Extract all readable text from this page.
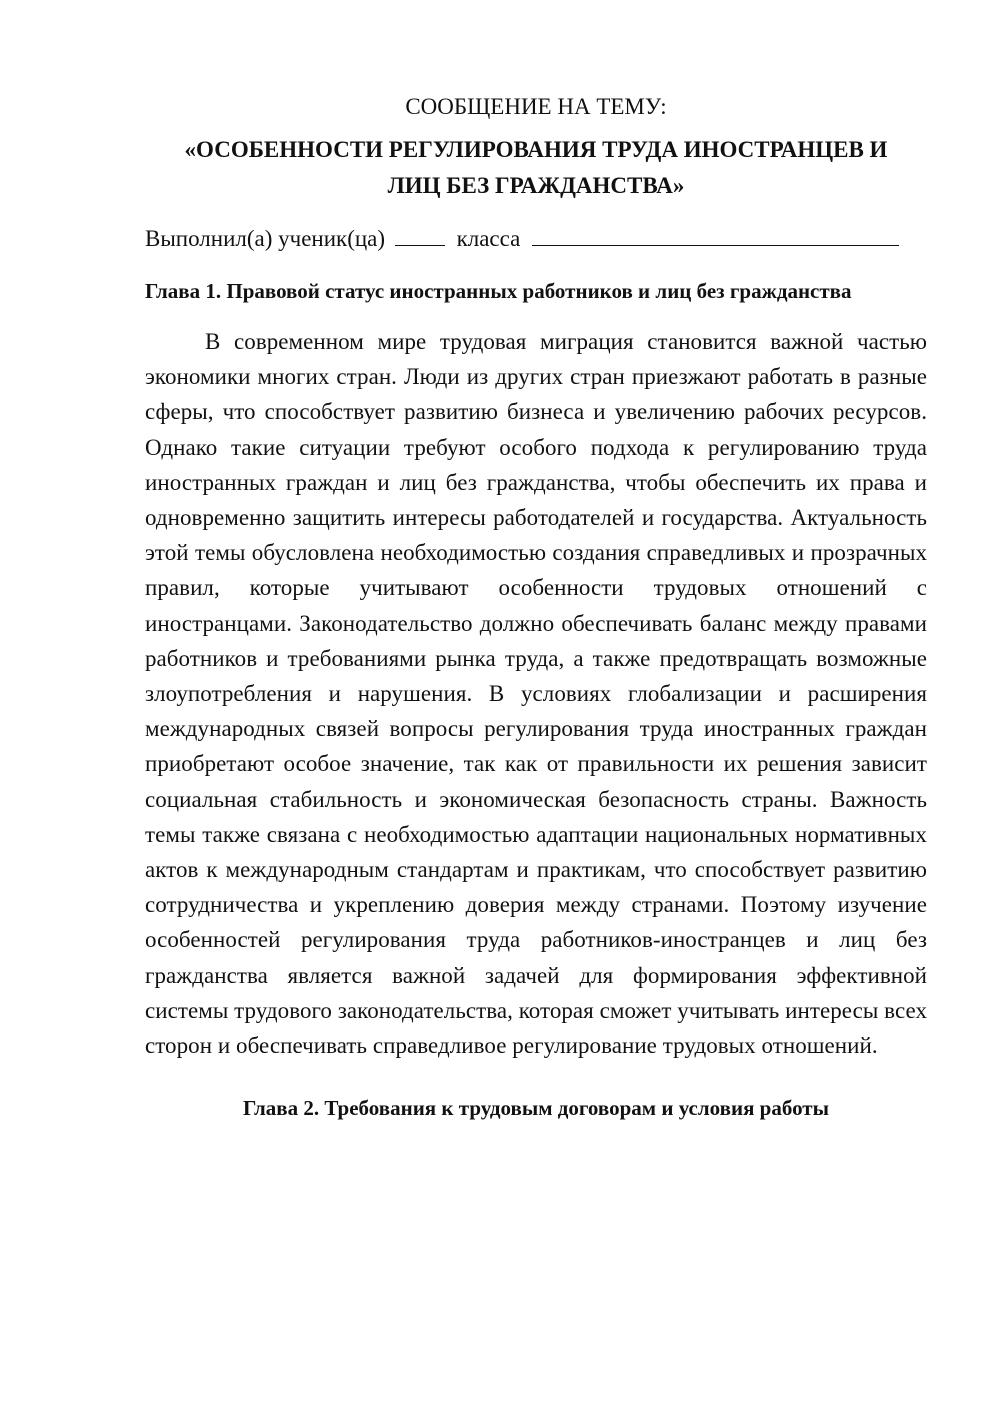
СООБЩЕНИЕ НА ТЕМУ:

«ОСОБЕННОСТИ РЕГУЛИРОВАНИЯ ТРУДА ИНОСТРАНЦЕВ И
ЛИЦ БЕЗ ГРАЖДАНСТВА»

Выполнил(а) ученик(ца)	класса

Глава 1. Правовой статус иностранных работников и лиц без гражданства

В современном мире трудовая миграция становится важной частью экономики многих стран. Люди из других стран приезжают работать в разные сферы, что способствует развитию бизнеса и увеличению рабочих ресурсов. Однако такие ситуации требуют особого подхода к регулированию труда иностранных граждан и лиц без гражданства, чтобы обеспечить их права и одновременно защитить интересы работодателей и государства. Актуальность этой темы обусловлена необходимостью создания справедливых и прозрачных правил, которые учитывают особенности трудовых отношений с иностранцами. Законодательство должно обеспечивать баланс между правами работников и требованиями рынка труда, а также предотвращать возможные злоупотребления и нарушения. В условиях глобализации и расширения международных связей вопросы регулирования труда иностранных граждан приобретают особое значение, так как от правильности их решения зависит социальная стабильность и экономическая безопасность страны. Важность темы также связана с необходимостью адаптации национальных нормативных актов к международным стандартам и практикам, что способствует развитию сотрудничества и укреплению доверия между странами. Поэтому изучение особенностей регулирования труда работников-иностранцев и лиц без гражданства является важной задачей для формирования эффективной системы трудового законодательства, которая сможет учитывать интересы всех сторон и обеспечивать справедливое регулирование трудовых отношений.

Глава 2. Требования к трудовым договорам и условия работы
